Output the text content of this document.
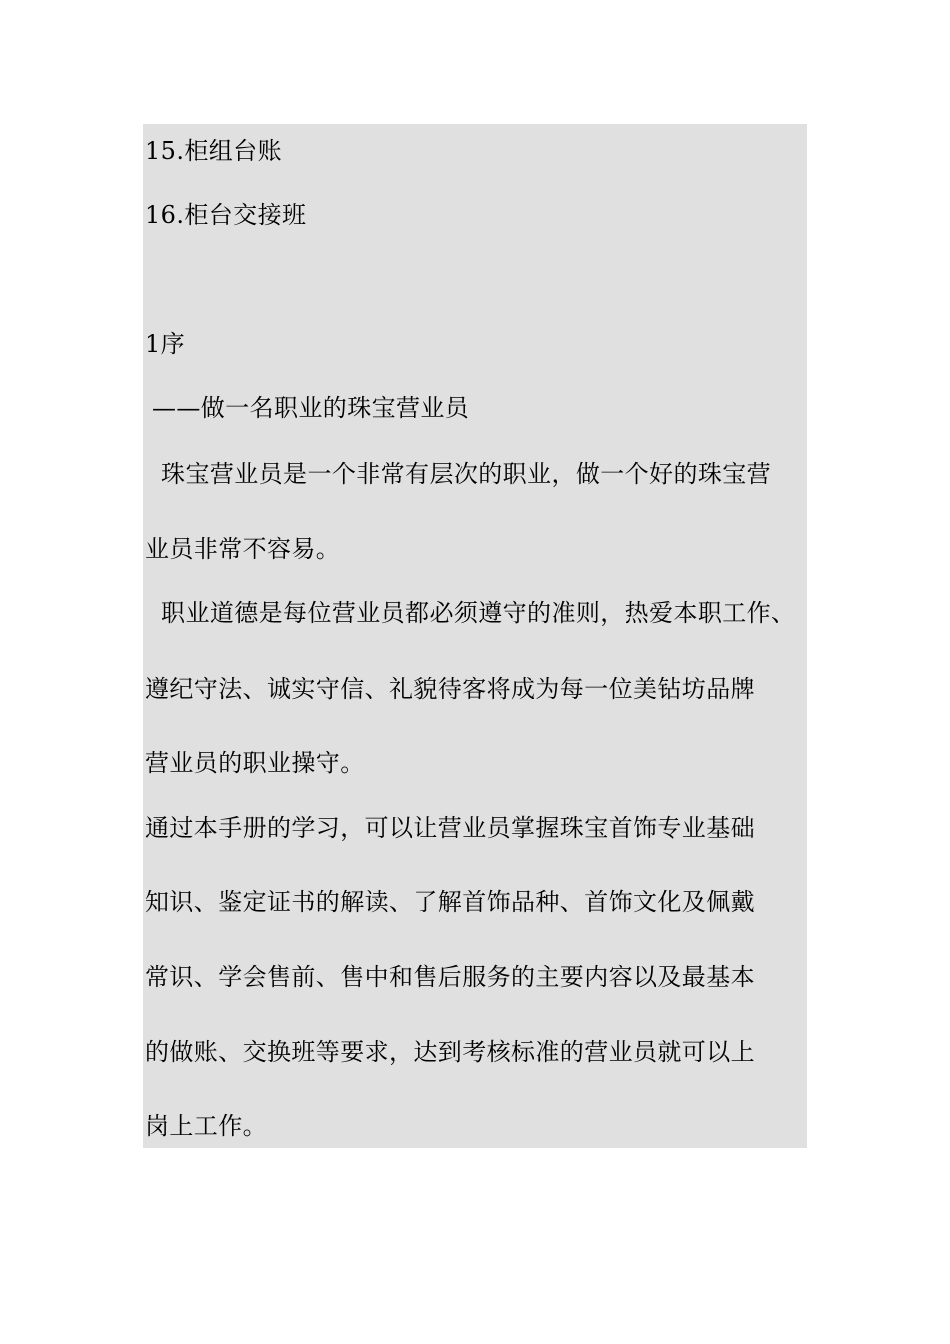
15.柜组台账
16.柜台交接班
1序
——做一名职业的珠宝营业员
珠宝营业员是一个非常有层次的职业，做一个好的珠宝营
业员非常不容易。
职业道德是每位营业员都必须遵守的准则，热爱本职工作、
遵纪守法、诚实守信、礼貌待客将成为每一位美钻坊品牌
营业员的职业操守。
通过本手册的学习，可以让营业员掌握珠宝首饰专业基础
知识、鉴定证书的解读、了解首饰品种、首饰文化及佩戴
常识、学会售前、售中和售后服务的主要内容以及最基本
的做账、交换班等要求，达到考核标准的营业员就可以上
岗上工作。
